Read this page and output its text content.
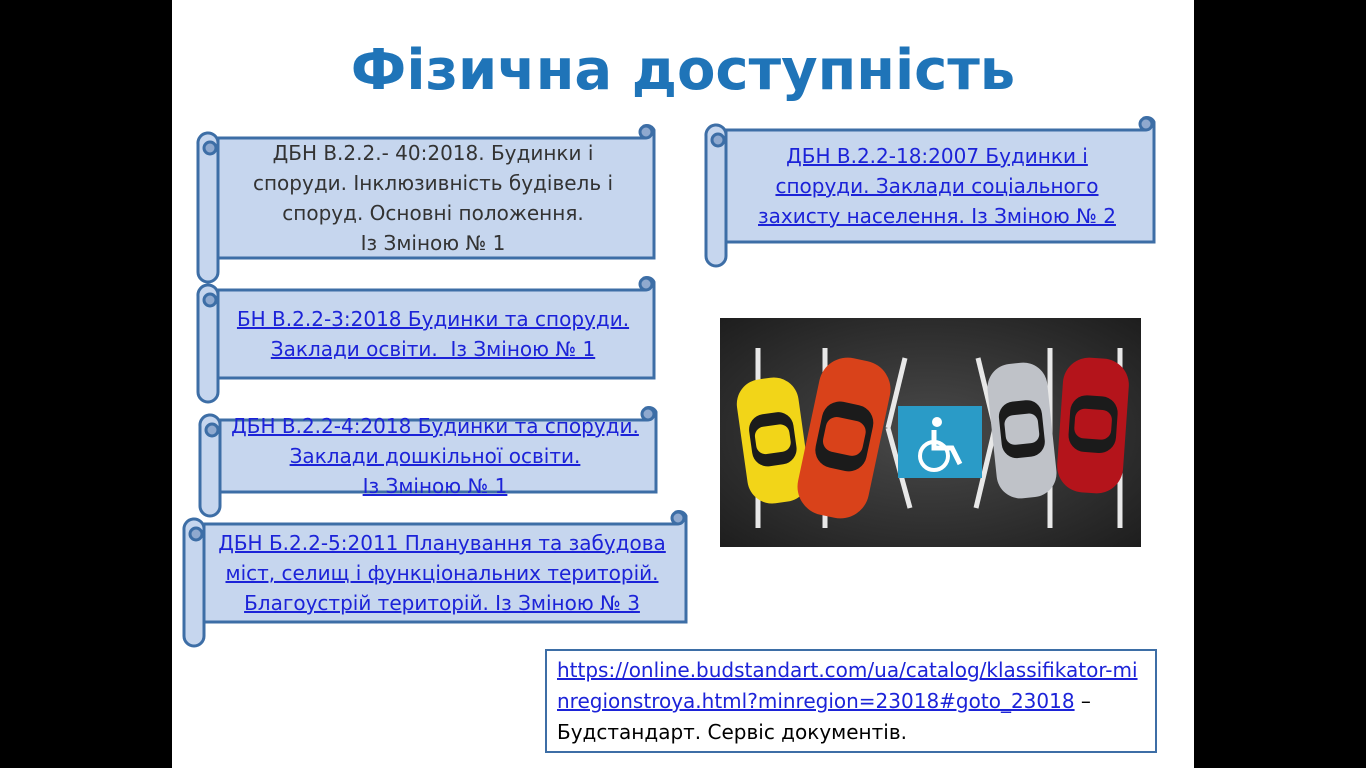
Фізична доступність
ДБН В.2.2.- 40:2018. Будинки і
споруди. Інклюзивність будівель і
споруд. Основні положення.
Із Зміною № 1
ДБН В.2.2-18:2007 Будинки і
споруди. Заклади соціального
захисту населення. Із Зміною № 2
БН В.2.2-3:2018 Будинки та споруди.
Заклади освіти.  Із Зміною № 1
ДБН В.2.2-4:2018 Будинки та споруди.
Заклади дошкільної освіти.
Із Зміною № 1
ДБН Б.2.2-5:2011 Планування та забудова
міст, селищ і функціональних територій.
Благоустрій територій. Із Зміною № 3
https://online.budstandart.com/ua/catalog/klassifikator-minregionstroya.html?minregion=23018#goto_23018 –
Будстандарт. Сервіс документів.
